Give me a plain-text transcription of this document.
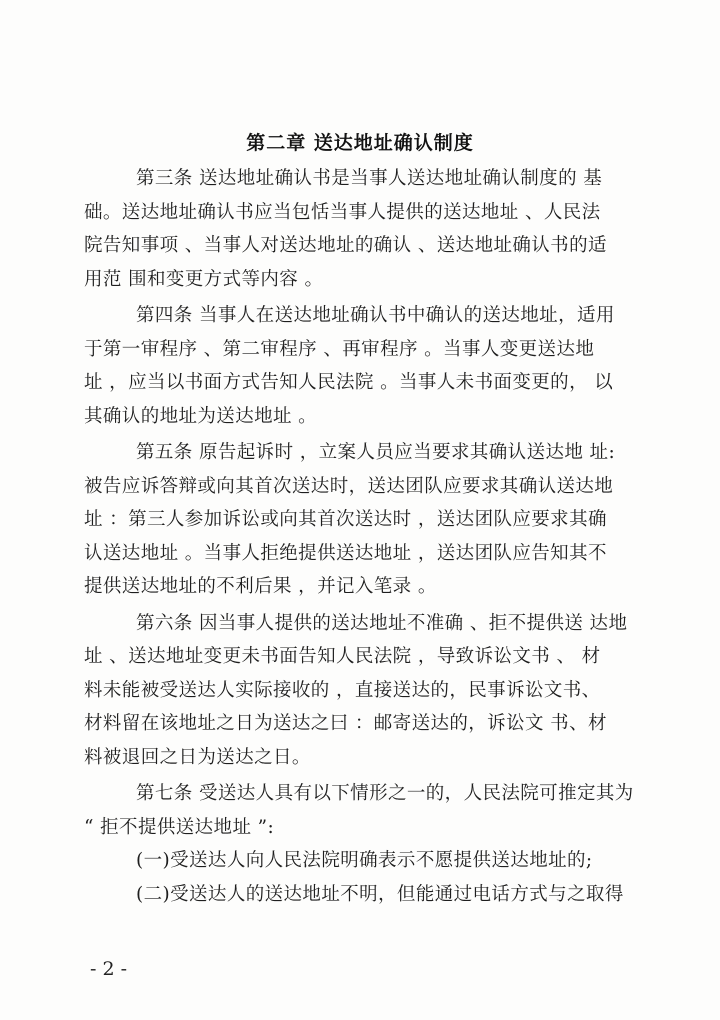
第二章 送达地址确认制度
第三条 送达地址确认书是当事人送达地址确认制度的 基
础。送达地址确认书应当包恬当事人提供的送达地址 、人民法
院告知事项 、当事人对送达地址的确认 、送达地址确认书的适
用范 围和变更方式等内容 。
第四条 当事人在送达地址确认书中确认的送达地址，适用
于第一审程序 、第二审程序 、再审程序 。当事人变更送达地
址 ，应当以书面方式告知人民法院 。当事人未书面变更的， 以
其确认的地址为送达地址 。
第五条 原告起诉时 ，立案人员应当要求其确认送达地 址:
被告应诉答辩或向其首次送达时，送达团队应要求其确认送达地
址 ：第三人参加诉讼或向其首次送达时 ，送达团队应要求其确
认送达地址 。当事人拒绝提供送达地址 ，送达团队应告知其不
提供送达地址的不利后果 ，并记入笔录 。
第六条 因当事人提供的送达地址不准确 、拒不提供送 达地
址 、送达地址变更未书面告知人民法院 ，导致诉讼文书 、 材
料未能被受送达人实际接收的 ，直接送达的，民事诉讼文书、
材料留在该地址之日为送达之曰 ：邮寄送达的，诉讼文 书、材
料被退回之日为送达之日。
第七条 受送达人具有以下情形之一的，人民法院可推定其为
“ 拒不提供送达地址 ”:
(一)受送达人向人民法院明确表示不愿提供送达地址的;
(二)受送达人的送达地址不明，但能通过电话方式与之取得
- 2 -
